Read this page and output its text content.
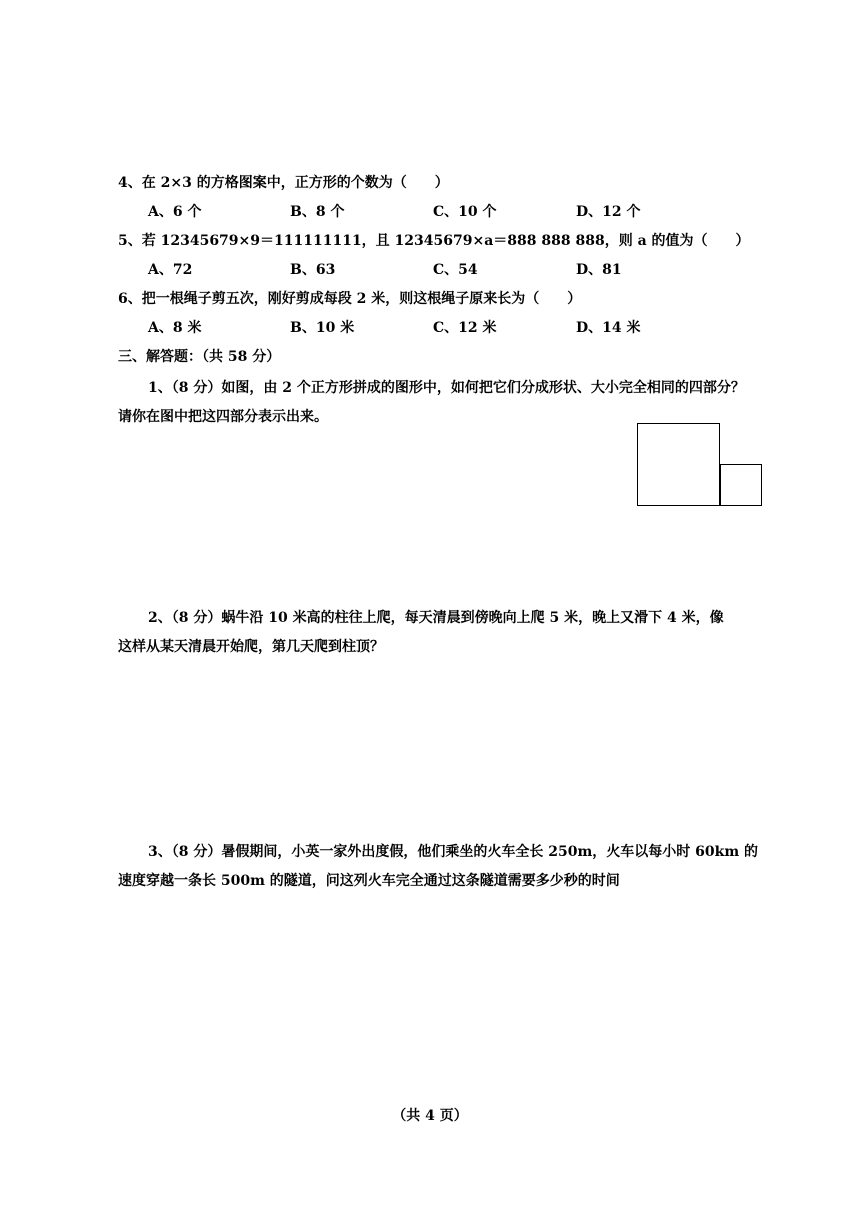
4、在 2×3 的方格图案中，正方形的个数为（　　）
A、6 个	B、8 个	C、10 个	D、12 个
5、若 12345679×9＝111111111，且 12345679×a＝888 888 888，则 a 的值为（　　）
A、72	B、63	C、54	D、81
6、把一根绳子剪五次，刚好剪成每段 2 米，则这根绳子原来长为（　　）
A、8 米	B、10 米	C、12 米	D、14 米
三、解答题：（共 58 分）
1、（8 分）如图，由 2 个正方形拼成的图形中，如何把它们分成形状、大小完全相同的四部分？
请你在图中把这四部分表示出来。
2、（8 分）蜗牛沿 10 米高的柱往上爬，每天清晨到傍晚向上爬 5 米，晚上又滑下 4 米，像
这样从某天清晨开始爬，第几天爬到柱顶？
3、（8 分）暑假期间，小英一家外出度假，他们乘坐的火车全长 250m，火车以每小时 60km 的
速度穿越一条长 500m 的隧道，问这列火车完全通过这条隧道需要多少秒的时间
（共 4 页）
